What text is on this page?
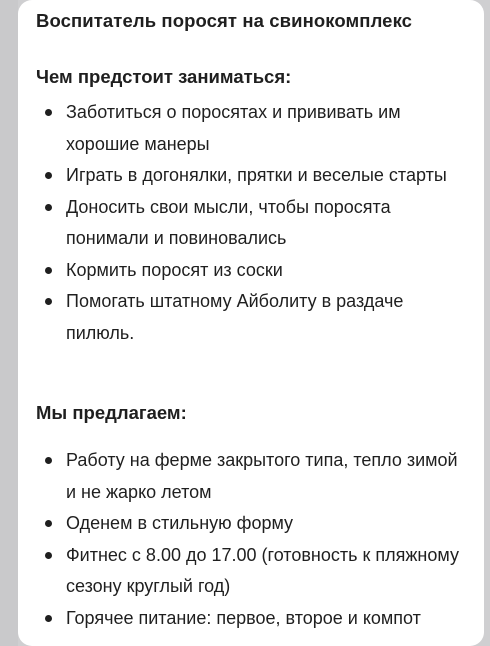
Воспитатель поросят на свинокомплекс
Чем предстоит заниматься:
Заботиться о поросятах и прививать им хорошие манеры
Играть в догонялки, прятки и веселые старты
Доносить свои мысли, чтобы поросята понимали и повиновались
Кормить поросят из соски
Помогать штатному Айболиту в раздаче пилюль.
Мы предлагаем:
Работу на ферме закрытого типа, тепло зимой и не жарко летом
Оденем в стильную форму
Фитнес с 8.00 до 17.00 (готовность к пляжному сезону круглый год)
Горячее питание: первое, второе и компот
